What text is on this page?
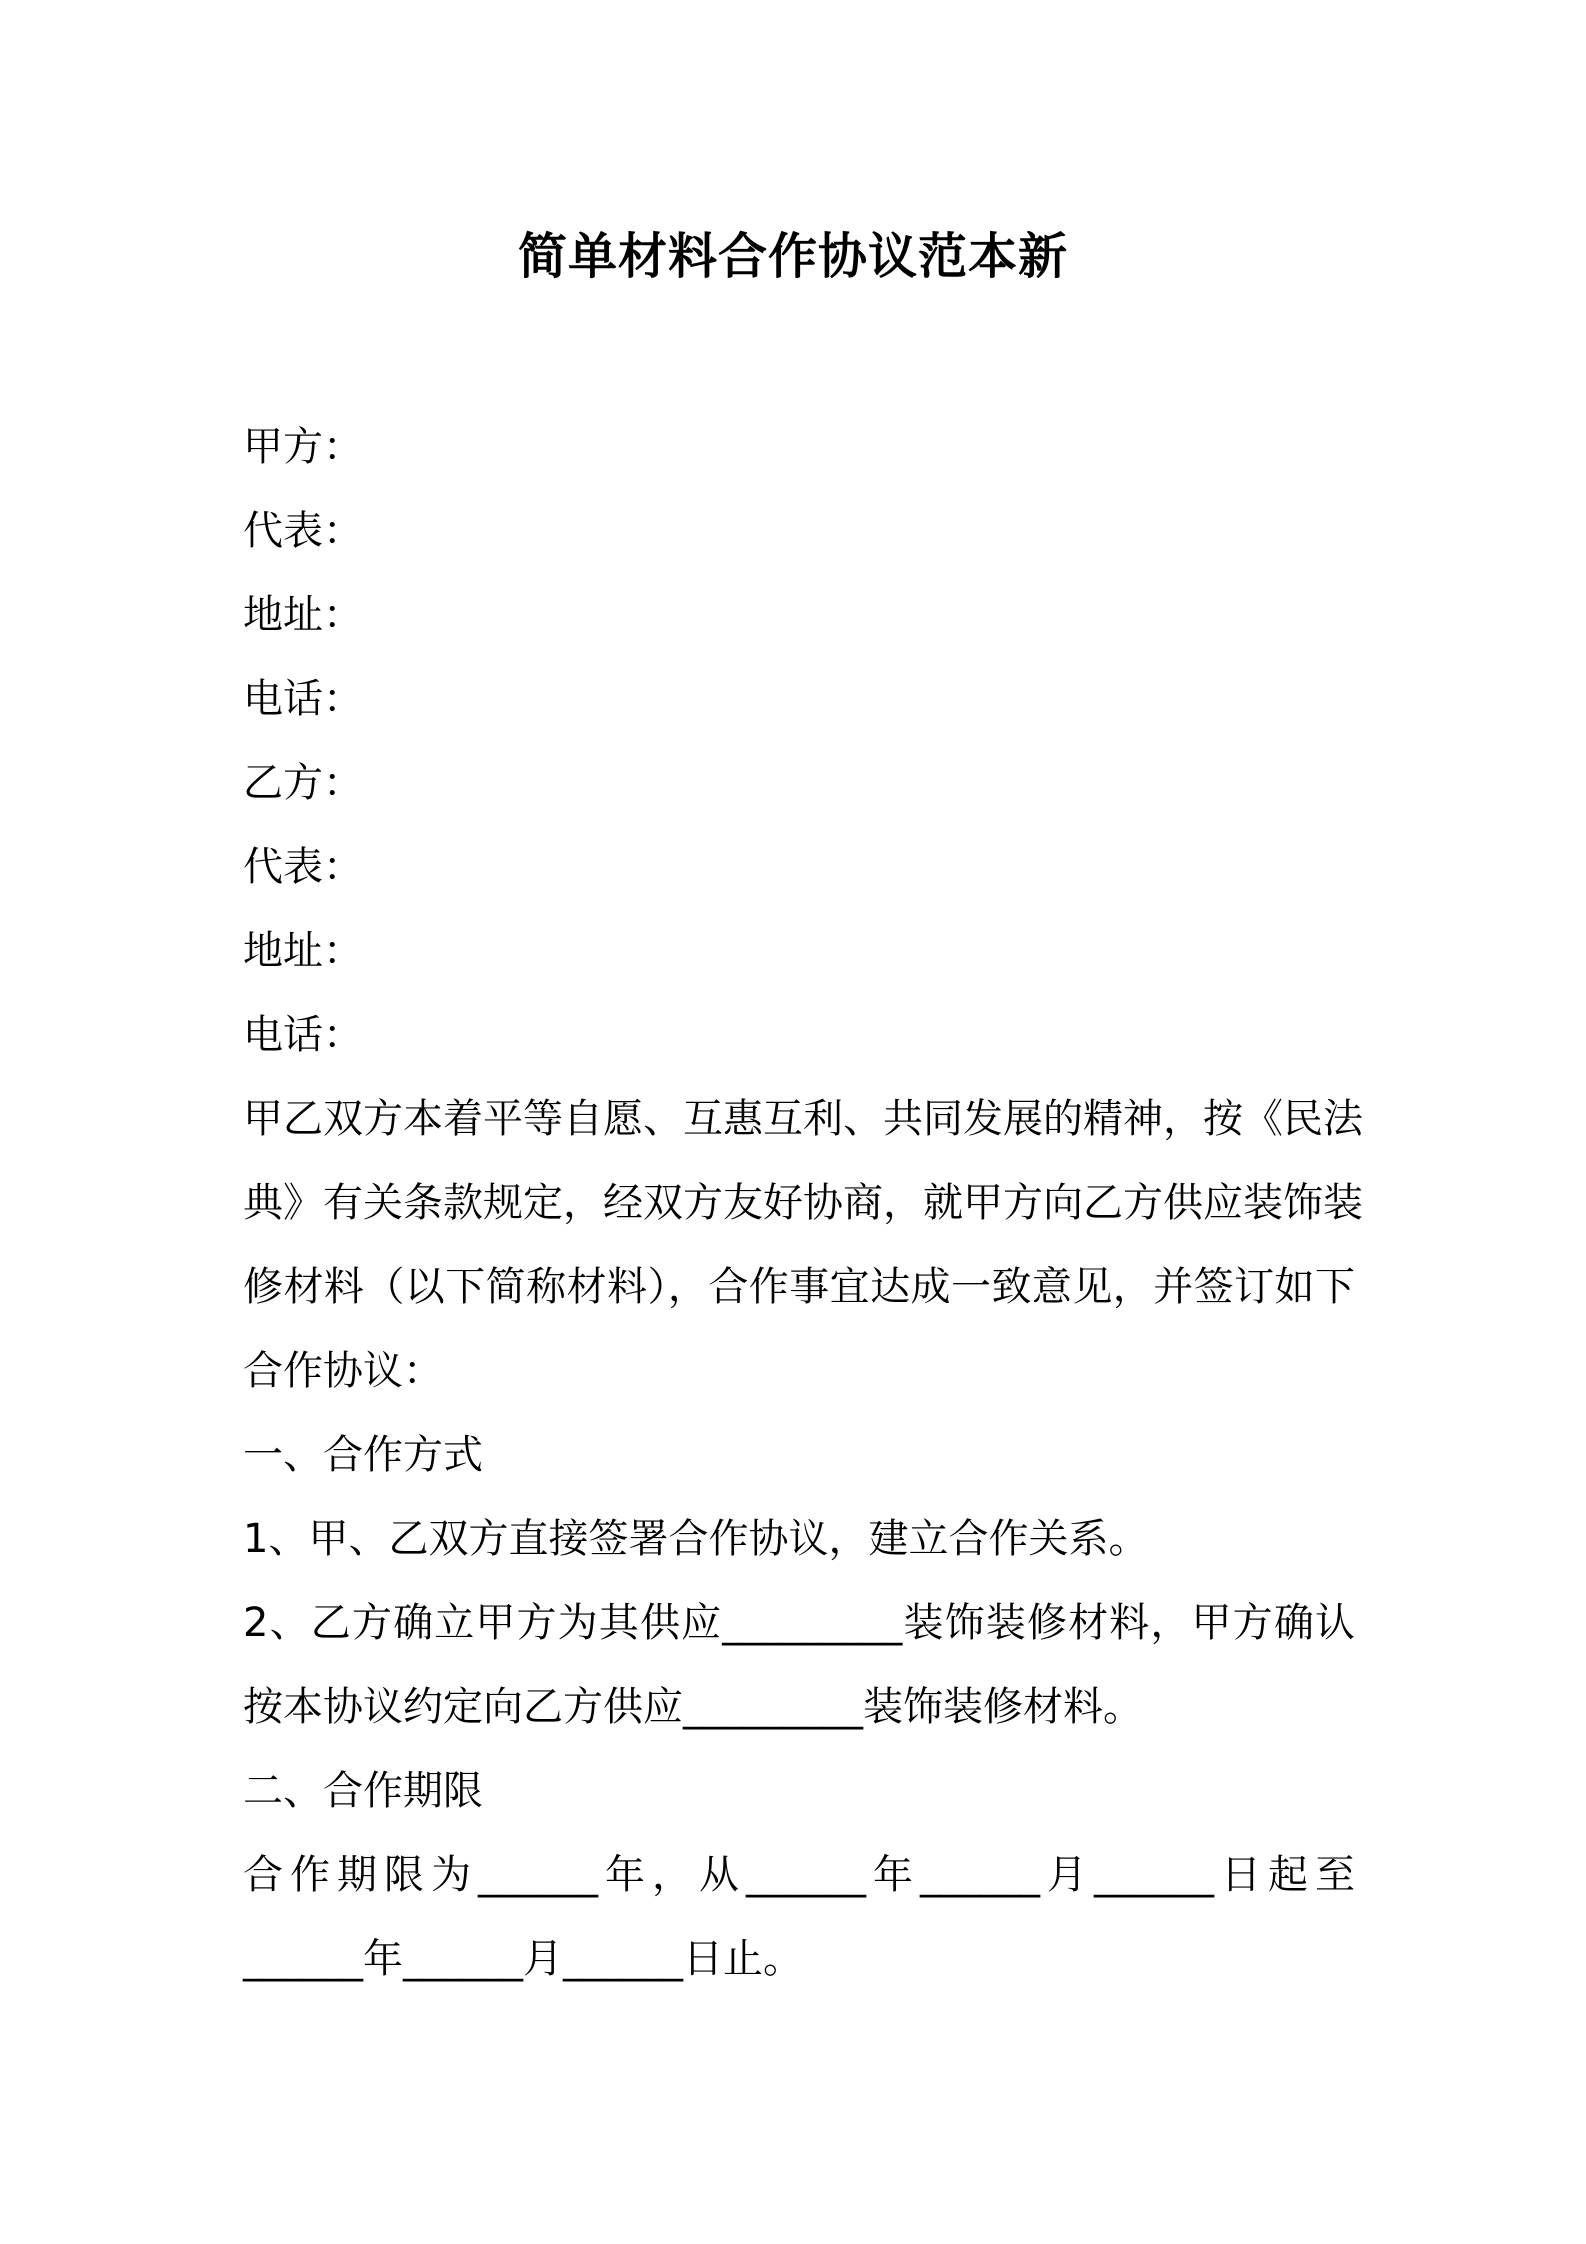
简单材料合作协议范本新
甲方：
代表：
地址：
电话：
乙方：
代表：
地址：
电话：
甲乙双方本着平等自愿、互惠互利、共同发展的精神，按《民法
典》有关条款规定，经双方友好协商，就甲方向乙方供应装饰装
修材料（以下简称材料），合作事宜达成一致意见，并签订如下
合作协议：
一、合作方式
1、甲、乙双方直接签署合作协议，建立合作关系。
2、乙方确立甲方为其供应_________装饰装修材料，甲方确认
按本协议约定向乙方供应_________装饰装修材料。
二、合作期限
合作期限为______年，从______年______月______日起至
______年______月______日止。
